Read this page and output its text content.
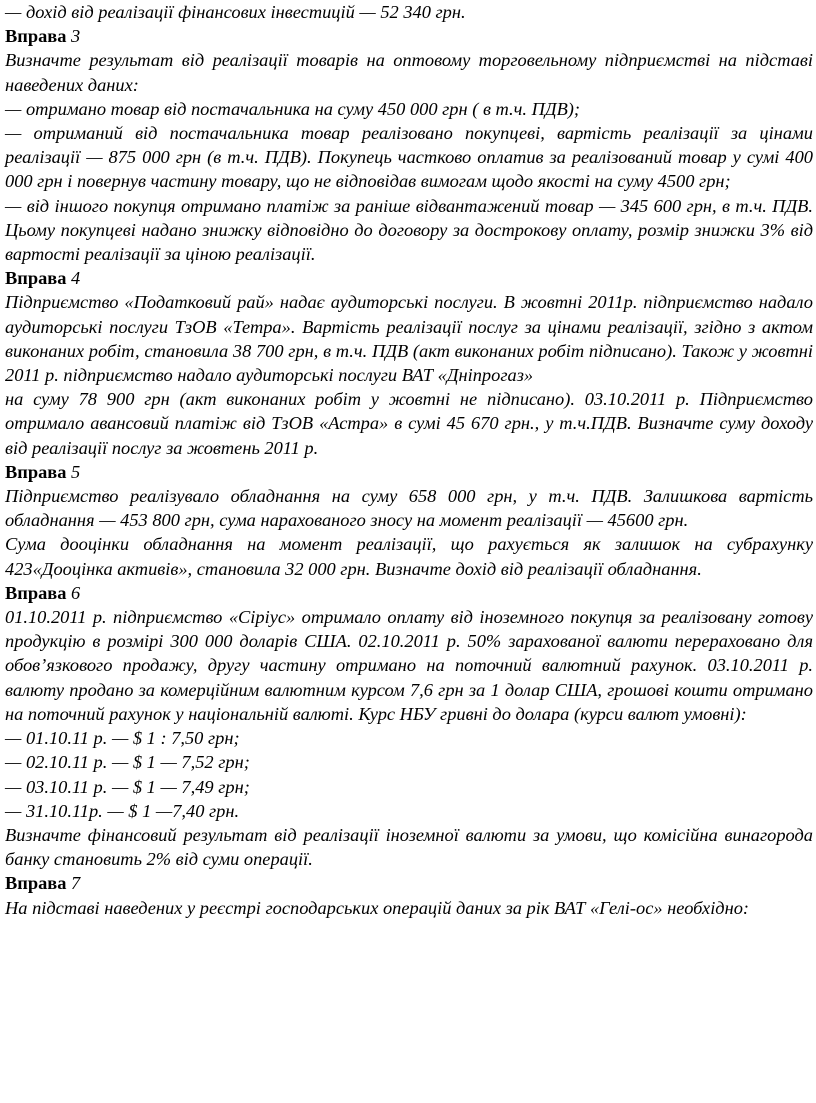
— дохід від реалізації фінансових інвестицій — 52 340 грн.

Вправа 3

Визначте результат від реалізації товарів на оптовому торговельному підприємстві на підставі наведених даних:

— отримано товар від постачальника на суму 450 000 грн ( в т.ч. ПДВ);

— отриманий від постачальника товар реалізовано покупцеві, вартість реалізації за цінами реалізації — 875 000 грн (в т.ч. ПДВ). Покупець частково оплатив за реалізований товар у сумі 400 000 грн і повернув частину товару, що не відповідав вимогам щодо якості на суму 4500 грн;

— від іншого покупця отримано платіж за раніше відвантажений товар — 345 600 грн, в т.ч. ПДВ. Цьому покупцеві надано знижку відповідно до договору за дострокову оплату, розмір знижки 3% від вартості реалізації за ціною реалізації.

Вправа 4

Підприємство «Податковий рай» надає аудиторські послуги. В жовтні 2011р. підприємство надало аудиторські послуги ТзОВ «Тетра». Вартість реалізації послуг за цінами реалізації, згідно з актом виконаних робіт, становила 38 700 грн, в т.ч. ПДВ (акт виконаних робіт підписано). Також у жовтні 2011 р. підприємство надало аудиторські послуги ВАТ «Дніпрогаз»

на суму 78 900 грн (акт виконаних робіт у жовтні не підписано). 03.10.2011 р. Підприємство отримало авансовий платіж від ТзОВ «Астра» в сумі 45 670 грн., у т.ч.ПДВ. Визначте суму доходу від реалізації послуг за жовтень 2011 р.

Вправа 5

Підприємство реалізувало обладнання на суму 658 000 грн, у т.ч. ПДВ. Залишкова вартість обладнання — 453 800 грн, сума нарахованого зносу на момент реалізації — 45600 грн.

Сума дооцінки обладнання на момент реалізації, що рахується як залишок на субрахунку 423«Дооцінка активів», становила 32 000 грн. Визначте дохід від реалізації обладнання.

Вправа 6

01.10.2011 р. підприємство «Сіріус» отримало оплату від іноземного покупця за реалізовану готову продукцію в розмірі 300 000 доларів США. 02.10.2011 р. 50% зарахованої валюти перераховано для обов’язкового продажу, другу частину отримано на поточний валютний рахунок. 03.10.2011 р. валюту продано за комерційним валютним курсом 7,6 грн за 1 долар США, грошові кошти отримано на поточний рахунок у національній валюті. Курс НБУ гривні до долара (курси валют умовні):

— 01.10.11 р. — $ 1 : 7,50 грн;

— 02.10.11 р. — $ 1 — 7,52 грн;

— 03.10.11 р. — $ 1 — 7,49 грн;

— 31.10.11р. — $ 1 —7,40 грн.

Визначте фінансовий результат від реалізації іноземної валюти за умови, що комісійна винагорода банку становить 2% від суми операції.

Вправа 7

На підставі наведених у реєстрі господарських операцій даних за рік ВАТ «Гелі-ос» необхідно:
